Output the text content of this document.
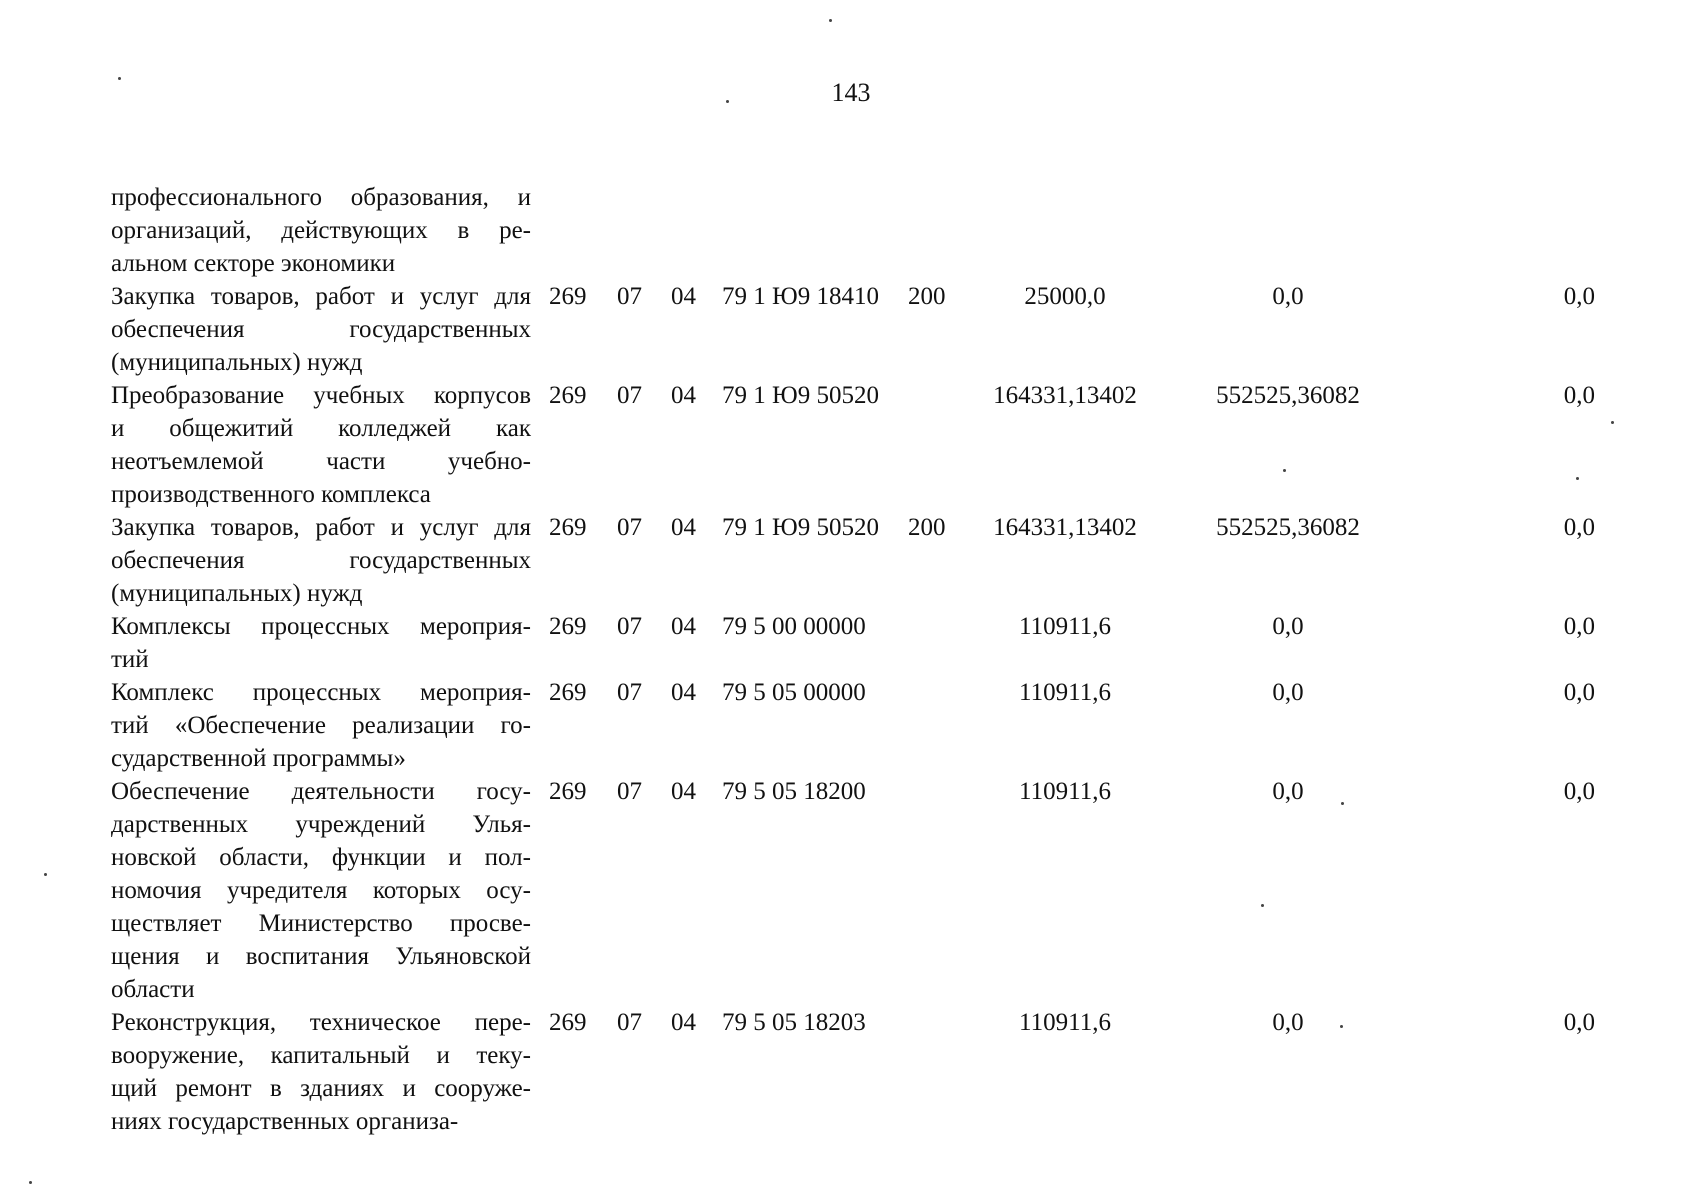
143
профессионального образования, и
организаций, действующих в ре-
альном секторе экономики
Закупка товаров, работ и услуг для
обеспечения государственных
(муниципальных) нужд
269 07 04 79 1 Ю9 18410 200	25000,0	0,0	0,0
Преобразование учебных корпусов
и общежитий колледжей как
неотъемлемой части учебно-
производственного комплекса
269 07 04 79 1 Ю9 50520	164331,13402	552525,36082	0,0
Закупка товаров, работ и услуг для
обеспечения государственных
(муниципальных) нужд
269 07 04 79 1 Ю9 50520 200	164331,13402	552525,36082	0,0
Комплексы процессных мероприя-
тий
269 07 04 79 5 00 00000	110911,6	0,0	0,0
Комплекс процессных мероприя-
тий «Обеспечение реализации го-
сударственной программы»
269 07 04 79 5 05 00000	110911,6	0,0	0,0
Обеспечение деятельности госу-
дарственных учреждений Улья-
новской области, функции и пол-
номочия учредителя которых осу-
ществляет Министерство просве-
щения и воспитания Ульяновской
области
269 07 04 79 5 05 18200	110911,6	0,0	0,0
Реконструкция, техническое пере-
вооружение, капитальный и теку-
щий ремонт в зданиях и сооруже-
ниях государственных организа-
269 07 04 79 5 05 18203	110911,6	0,0	0,0
